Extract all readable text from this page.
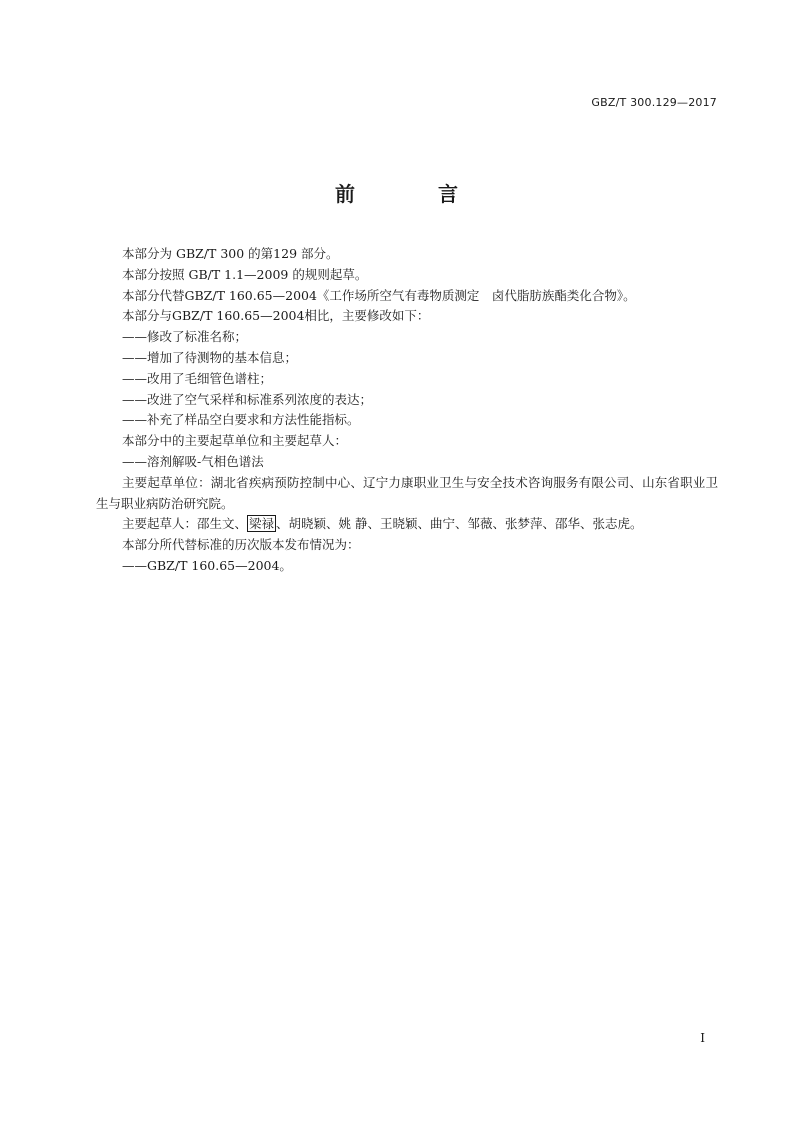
GBZ/T 300.129—2017
前 言

本部分为 GBZ/T 300 的第129 部分。

本部分按照 GB/T 1.1—2009 的规则起草。

本部分代替GBZ/T 160.65—2004《工作场所空气有毒物质测定　卤代脂肪族酯类化合物》。

本部分与GBZ/T 160.65—2004相比，主要修改如下：

——修改了标准名称；

——增加了待测物的基本信息；

——改用了毛细管色谱柱；

——改进了空气采样和标准系列浓度的表达；

——补充了样品空白要求和方法性能指标。

本部分中的主要起草单位和主要起草人：

——溶剂解吸-气相色谱法

主要起草单位：湖北省疾病预防控制中心、辽宁力康职业卫生与安全技术咨询服务有限公司、山东省职业卫生与职业病防治研究院。

主要起草人：邵生文、 梁禄 、胡晓颖、姚 静、王晓颖、曲宁、邹薇、张梦萍、邵华、张志虎。

本部分所代替标准的历次版本发布情况为：

——GBZ/T 160.65—2004。

I
